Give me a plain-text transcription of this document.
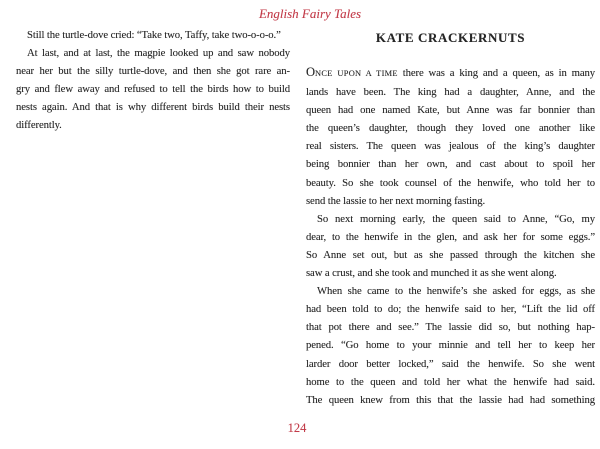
English Fairy Tales
Still the turtle-dove cried: “Take two, Taffy, take two-o-o-o.”
At last, and at last, the magpie looked up and saw nobody
near her but the silly turtle-dove, and then she got rare an-
gry and flew away and refused to tell the birds how to build
nests again. And that is why different birds build their nests
differently.
KATE CRACKERNUTS
ONCE UPON A TIME there was a king and a queen, as in many
lands have been. The king had a daughter, Anne, and the
queen had one named Kate, but Anne was far bonnier than
the queen’s daughter, though they loved one another like
real sisters. The queen was jealous of the king’s daughter
being bonnier than her own, and cast about to spoil her
beauty. So she took counsel of the henwife, who told her to
send the lassie to her next morning fasting.
So next morning early, the queen said to Anne, “Go, my
dear, to the henwife in the glen, and ask her for some eggs.”
So Anne set out, but as she passed through the kitchen she
saw a crust, and she took and munched it as she went along.
When she came to the henwife’s she asked for eggs, as she
had been told to do; the henwife said to her, “Lift the lid off
that pot there and see.” The lassie did so, but nothing hap-
pened. “Go home to your minnie and tell her to keep her
larder door better locked,” said the henwife. So she went
home to the queen and told her what the henwife had said.
The queen knew from this that the lassie had had something
124
